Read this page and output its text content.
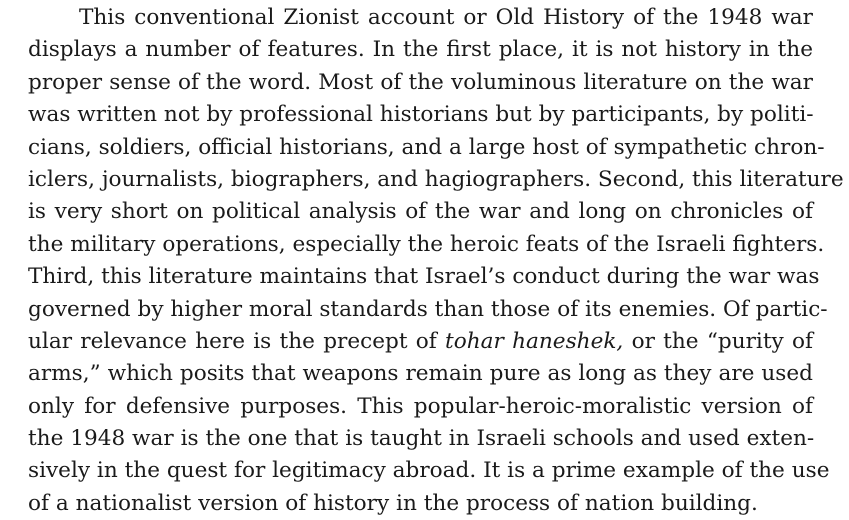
This conventional Zionist account or Old History of the 1948 war
displays a number of features. In the first place, it is not history in the
proper sense of the word. Most of the voluminous literature on the war
was written not by professional historians but by participants, by politi-
cians, soldiers, official historians, and a large host of sympathetic chron-
iclers, journalists, biographers, and hagiographers. Second, this literature
is very short on political analysis of the war and long on chronicles of
the military operations, especially the heroic feats of the Israeli fighters.
Third, this literature maintains that Israel’s conduct during the war was
governed by higher moral standards than those of its enemies. Of partic-
ular relevance here is the precept of tohar haneshek, or the “purity of
arms,” which posits that weapons remain pure as long as they are used
only for defensive purposes. This popular-heroic-moralistic version of
the 1948 war is the one that is taught in Israeli schools and used exten-
sively in the quest for legitimacy abroad. It is a prime example of the use
of a nationalist version of history in the process of nation building.
